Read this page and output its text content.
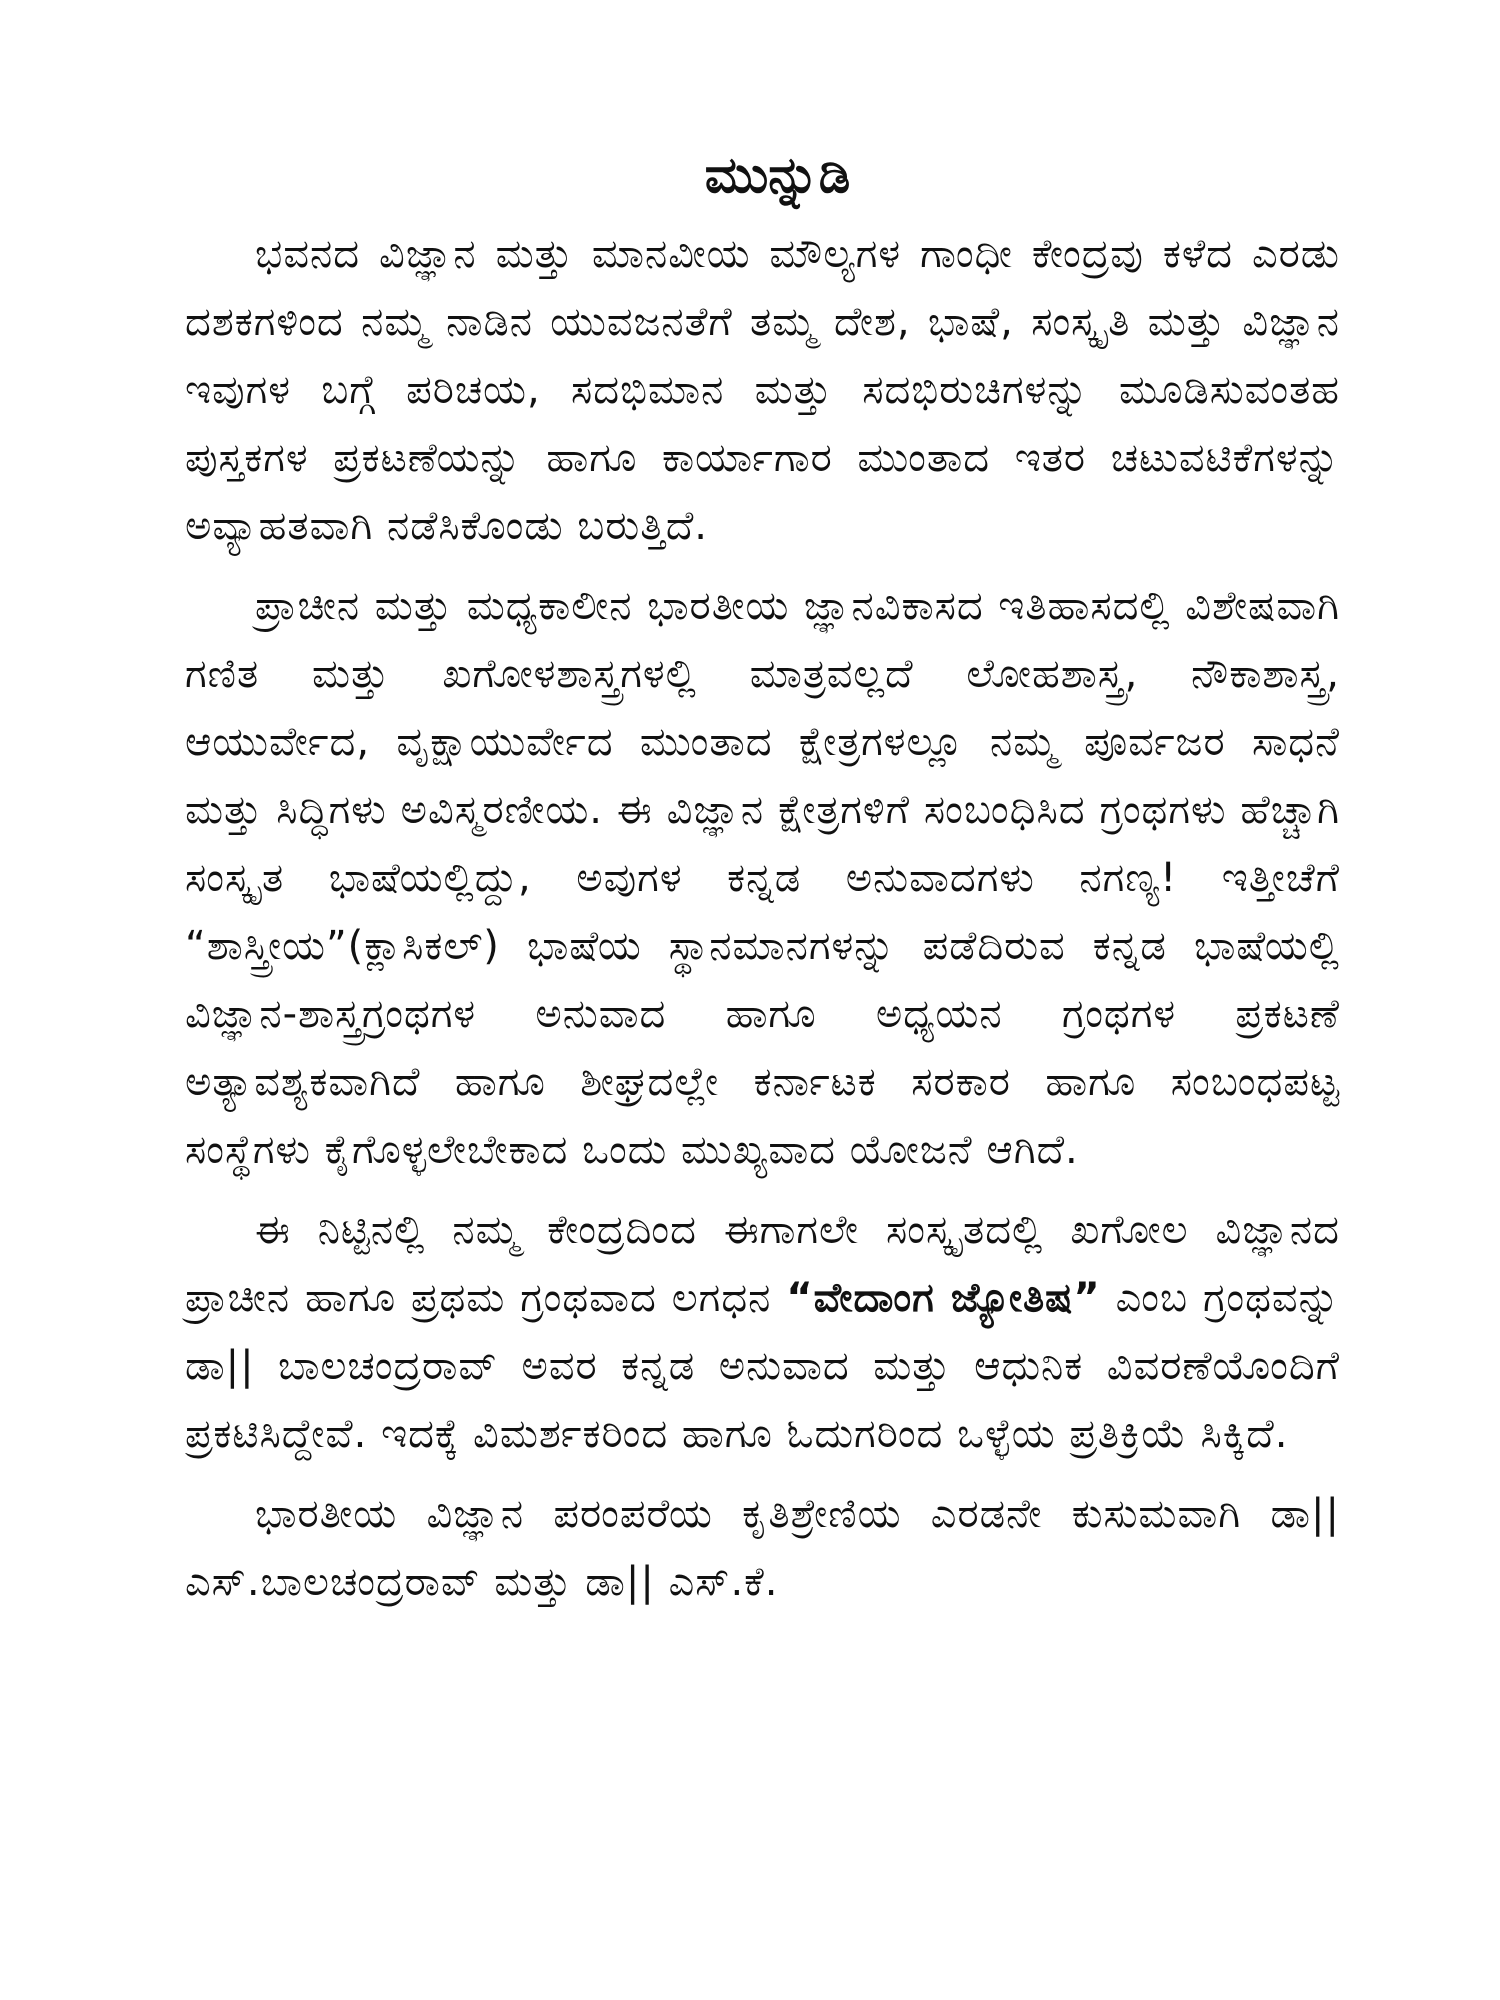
ಮುನ್ನುಡಿ

ಭವನದ ವಿಜ್ಞಾನ ಮತ್ತು ಮಾನವೀಯ ಮೌಲ್ಯಗಳ ಗಾಂಧೀ ಕೇಂದ್ರವು ಕಳೆದ ಎರಡು ದಶಕಗಳಿಂದ ನಮ್ಮ ನಾಡಿನ ಯುವಜನತೆಗೆ ತಮ್ಮ ದೇಶ, ಭಾಷೆ, ಸಂಸ್ಕೃತಿ ಮತ್ತು ವಿಜ್ಞಾನ ಇವುಗಳ ಬಗ್ಗೆ ಪರಿಚಯ, ಸದಭಿಮಾನ ಮತ್ತು ಸದಭಿರುಚಿಗಳನ್ನು ಮೂಡಿಸುವಂತಹ ಪುಸ್ತಕಗಳ ಪ್ರಕಟಣೆಯನ್ನು ಹಾಗೂ ಕಾರ್ಯಾಗಾರ ಮುಂತಾದ ಇತರ ಚಟುವಟಿಕೆಗಳನ್ನು ಅವ್ಯಾಹತವಾಗಿ ನಡೆಸಿಕೊಂಡು ಬರುತ್ತಿದೆ.

ಪ್ರಾಚೀನ ಮತ್ತು ಮಧ್ಯಕಾಲೀನ ಭಾರತೀಯ ಜ್ಞಾನವಿಕಾಸದ ಇತಿಹಾಸದಲ್ಲಿ ವಿಶೇಷವಾಗಿ ಗಣಿತ ಮತ್ತು ಖಗೋಳಶಾಸ್ತ್ರಗಳಲ್ಲಿ ಮಾತ್ರವಲ್ಲದೆ ಲೋಹಶಾಸ್ತ್ರ, ನೌಕಾಶಾಸ್ತ್ರ, ಆಯುರ್ವೇದ, ವೃಕ್ಷಾಯುರ್ವೇದ ಮುಂತಾದ ಕ್ಷೇತ್ರಗಳಲ್ಲೂ ನಮ್ಮ ಪೂರ್ವಜರ ಸಾಧನೆ ಮತ್ತು ಸಿದ್ಧಿಗಳು ಅವಿಸ್ಮರಣೀಯ. ಈ ವಿಜ್ಞಾನ ಕ್ಷೇತ್ರಗಳಿಗೆ ಸಂಬಂಧಿಸಿದ ಗ್ರಂಥಗಳು ಹೆಚ್ಚಾಗಿ ಸಂಸ್ಕೃತ ಭಾಷೆಯಲ್ಲಿದ್ದು, ಅವುಗಳ ಕನ್ನಡ ಅನುವಾದಗಳು ನಗಣ್ಯ! ಇತ್ತೀಚೆಗೆ “ಶಾಸ್ತ್ರೀಯ”(ಕ್ಲಾಸಿಕಲ್) ಭಾಷೆಯ ಸ್ಥಾನಮಾನಗಳನ್ನು ಪಡೆದಿರುವ ಕನ್ನಡ ಭಾಷೆಯಲ್ಲಿ ವಿಜ್ಞಾನ-ಶಾಸ್ತ್ರಗ್ರಂಥಗಳ ಅನುವಾದ ಹಾಗೂ ಅಧ್ಯಯನ ಗ್ರಂಥಗಳ ಪ್ರಕಟಣೆ ಅತ್ಯಾವಶ್ಯಕವಾಗಿದೆ ಹಾಗೂ ಶೀಘ್ರದಲ್ಲೇ ಕರ್ನಾಟಕ ಸರಕಾರ ಹಾಗೂ ಸಂಬಂಧಪಟ್ಟ ಸಂಸ್ಥೆಗಳು ಕೈಗೊಳ್ಳಲೇಬೇಕಾದ ಒಂದು ಮುಖ್ಯವಾದ ಯೋಜನೆ ಆಗಿದೆ.

ಈ ನಿಟ್ಟಿನಲ್ಲಿ ನಮ್ಮ ಕೇಂದ್ರದಿಂದ ಈಗಾಗಲೇ ಸಂಸ್ಕೃತದಲ್ಲಿ ಖಗೋಲ ವಿಜ್ಞಾನದ ಪ್ರಾಚೀನ ಹಾಗೂ ಪ್ರಥಮ ಗ್ರಂಥವಾದ ಲಗಧನ “ವೇದಾಂಗ ಜ್ಯೋತಿಷ” ಎಂಬ ಗ್ರಂಥವನ್ನು ಡಾ|| ಬಾಲಚಂದ್ರರಾವ್ ಅವರ ಕನ್ನಡ ಅನುವಾದ ಮತ್ತು ಆಧುನಿಕ ವಿವರಣೆಯೊಂದಿಗೆ ಪ್ರಕಟಿಸಿದ್ದೇವೆ. ಇದಕ್ಕೆ ವಿಮರ್ಶಕರಿಂದ ಹಾಗೂ ಓದುಗರಿಂದ ಒಳ್ಳೆಯ ಪ್ರತಿಕ್ರಿಯೆ ಸಿಕ್ಕಿದೆ.

ಭಾರತೀಯ ವಿಜ್ಞಾನ ಪರಂಪರೆಯ ಕೃತಿಶ್ರೇಣಿಯ ಎರಡನೇ ಕುಸುಮವಾಗಿ ಡಾ|| ಎಸ್.ಬಾಲಚಂದ್ರರಾವ್ ಮತ್ತು ಡಾ|| ಎಸ್.ಕೆ.
